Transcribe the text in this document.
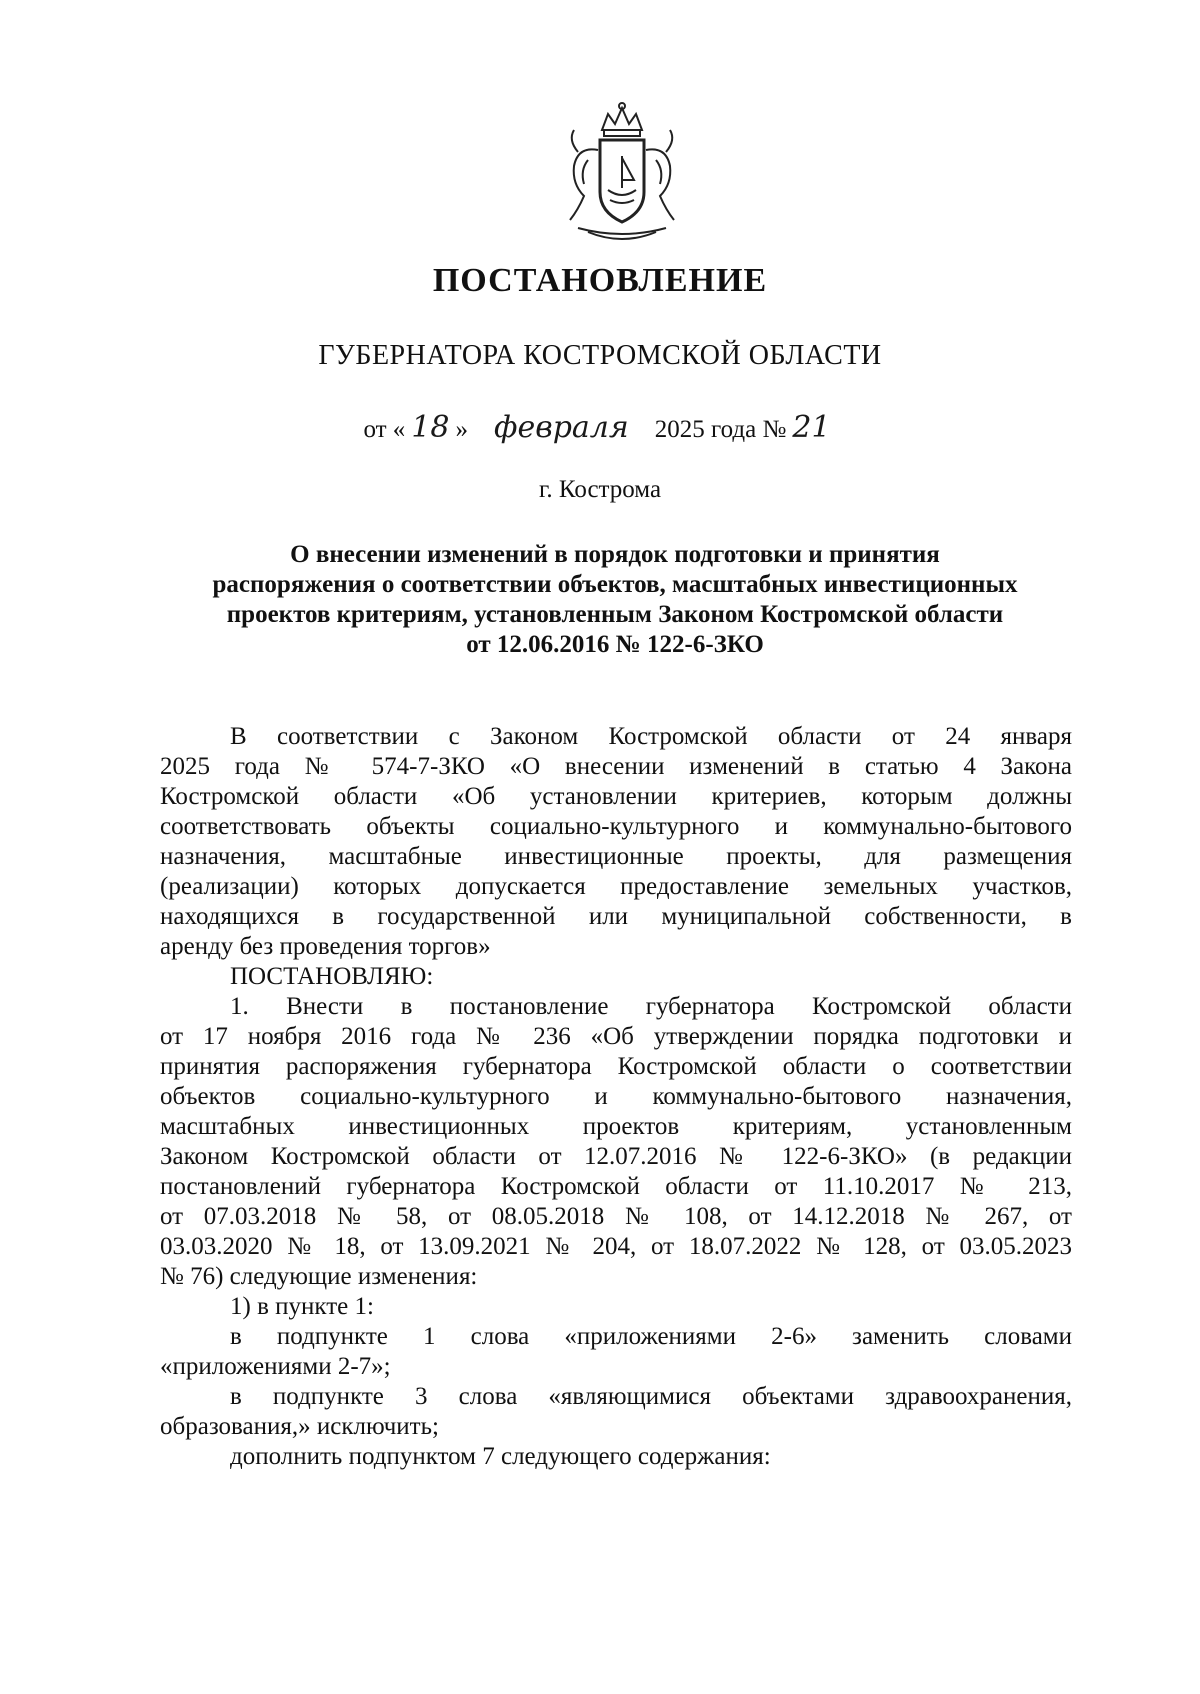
ПОСТАНОВЛЕНИЕ
ГУБЕРНАТОРА КОСТРОМСКОЙ ОБЛАСТИ
от « 18 » февраля 2025 года № 21
г. Кострома
О внесении изменений в порядок подготовки и принятия
распоряжения о соответствии объектов, масштабных инвестиционных
проектов критериям, установленным Законом Костромской области
от 12.06.2016 № 122-6-ЗКО
В соответствии с Законом Костромской области от 24 января
2025 года № 574-7-ЗКО «О внесении изменений в статью 4 Закона
Костромской области «Об установлении критериев, которым должны
соответствовать объекты социально-культурного и коммунально-бытового
назначения, масштабные инвестиционные проекты, для размещения
(реализации) которых допускается предоставление земельных участков,
находящихся в государственной или муниципальной собственности, в
аренду без проведения торгов»
ПОСТАНОВЛЯЮ:
1. Внести в постановление губернатора Костромской области
от 17 ноября 2016 года № 236 «Об утверждении порядка подготовки и
принятия распоряжения губернатора Костромской области о соответствии
объектов социально-культурного и коммунально-бытового назначения,
масштабных инвестиционных проектов критериям, установленным
Законом Костромской области от 12.07.2016 № 122-6-ЗКО» (в редакции
постановлений губернатора Костромской области от 11.10.2017 № 213,
от 07.03.2018 № 58, от 08.05.2018 № 108, от 14.12.2018 № 267, от
03.03.2020 № 18, от 13.09.2021 № 204, от 18.07.2022 № 128, от 03.05.2023
№ 76) следующие изменения:
1) в пункте 1:
в подпункте 1 слова «приложениями 2-6» заменить словами
«приложениями 2-7»;
в подпункте 3 слова «являющимися объектами здравоохранения,
образования,» исключить;
дополнить подпунктом 7 следующего содержания:
